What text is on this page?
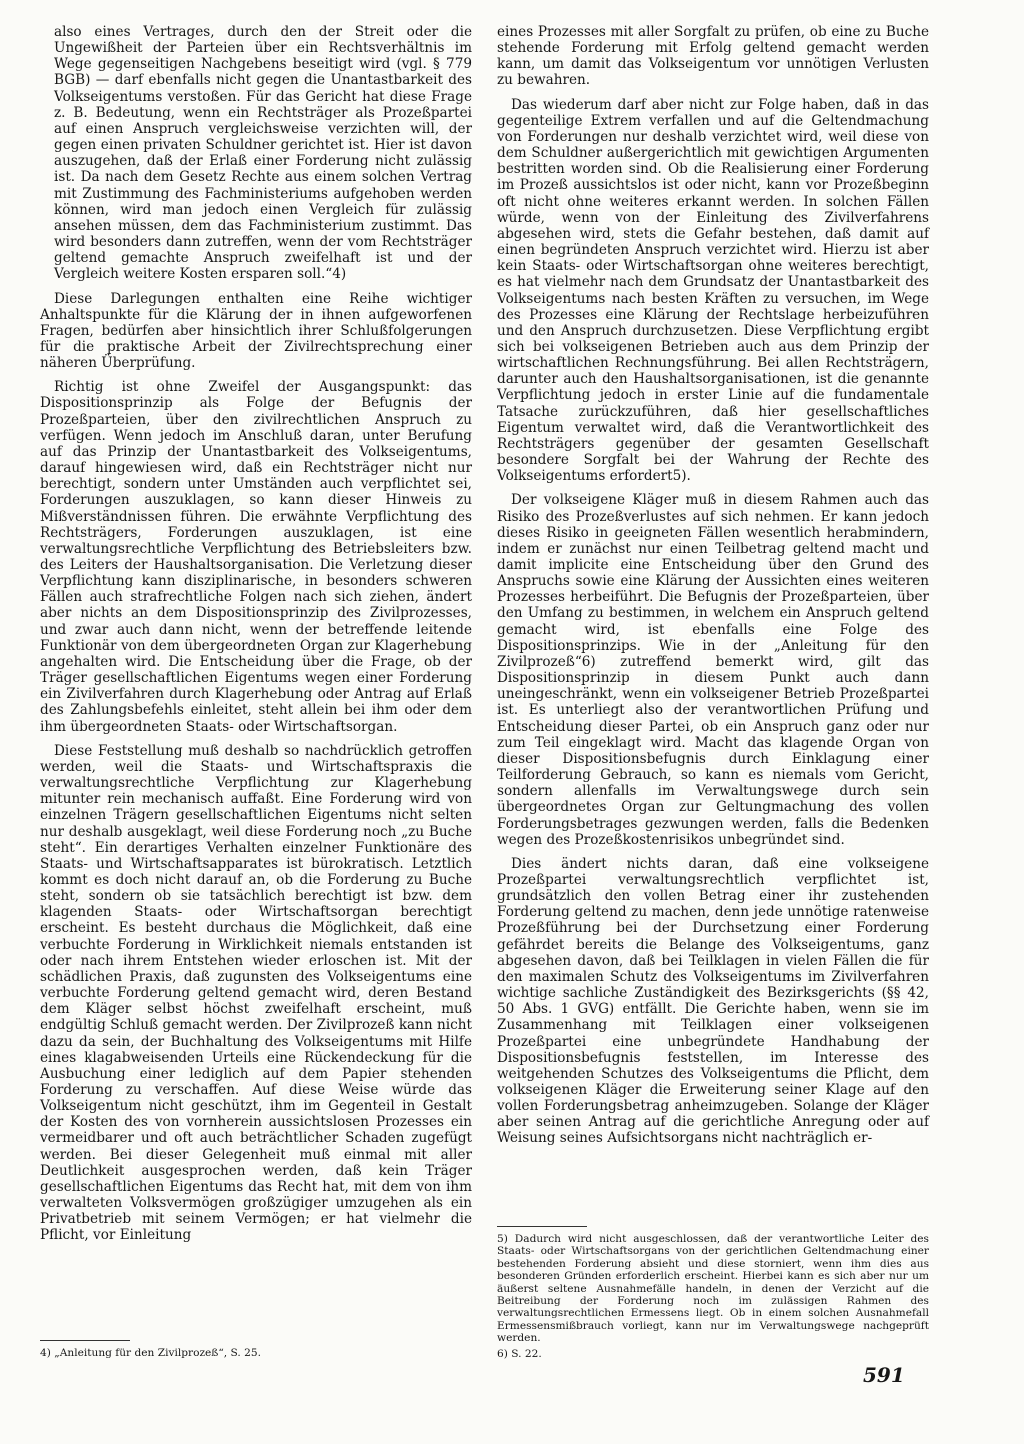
also eines Vertrages, durch den der Streit oder die Ungewißheit der Parteien über ein Rechtsverhältnis im Wege gegenseitigen Nachgebens beseitigt wird (vgl. § 779 BGB) — darf ebenfalls nicht gegen die Unantastbarkeit des Volkseigentums verstoßen. Für das Gericht hat diese Frage z. B. Bedeutung, wenn ein Rechtsträger als Prozeßpartei auf einen Anspruch vergleichsweise verzichten will, der gegen einen privaten Schuldner gerichtet ist. Hier ist davon auszugehen, daß der Erlaß einer Forderung nicht zulässig ist. Da nach dem Gesetz Rechte aus einem solchen Vertrag mit Zustimmung des Fachministeriums aufgehoben werden können, wird man jedoch einen Vergleich für zulässig ansehen müssen, dem das Fachministerium zustimmt. Das wird besonders dann zutreffen, wenn der vom Rechtsträger geltend gemachte Anspruch zweifelhaft ist und der Vergleich weitere Kosten ersparen soll.“4)

Diese Darlegungen enthalten eine Reihe wichtiger Anhaltspunkte für die Klärung der in ihnen aufgeworfenen Fragen, bedürfen aber hinsichtlich ihrer Schlußfolgerungen für die praktische Arbeit der Zivilrechtsprechung einer näheren Überprüfung.

Richtig ist ohne Zweifel der Ausgangspunkt: das Dispositionsprinzip als Folge der Befugnis der Prozeßparteien, über den zivilrechtlichen Anspruch zu verfügen. Wenn jedoch im Anschluß daran, unter Berufung auf das Prinzip der Unantastbarkeit des Volkseigentums, darauf hingewiesen wird, daß ein Rechtsträger nicht nur berechtigt, sondern unter Umständen auch verpflichtet sei, Forderungen auszuklagen, so kann dieser Hinweis zu Mißverständnissen führen. Die erwähnte Verpflichtung des Rechtsträgers, Forderungen auszuklagen, ist eine verwaltungsrechtliche Verpflichtung des Betriebsleiters bzw. des Leiters der Haushaltsorganisation. Die Verletzung dieser Verpflichtung kann disziplinarische, in besonders schweren Fällen auch strafrechtliche Folgen nach sich ziehen, ändert aber nichts an dem Dispositionsprinzip des Zivilprozesses, und zwar auch dann nicht, wenn der betreffende leitende Funktionär von dem übergeordneten Organ zur Klagerhebung angehalten wird. Die Entscheidung über die Frage, ob der Träger gesellschaftlichen Eigentums wegen einer Forderung ein Zivilverfahren durch Klagerhebung oder Antrag auf Erlaß des Zahlungsbefehls einleitet, steht allein bei ihm oder dem ihm übergeordneten Staats- oder Wirtschaftsorgan.

Diese Feststellung muß deshalb so nachdrücklich getroffen werden, weil die Staats- und Wirtschaftspraxis die verwaltungsrechtliche Verpflichtung zur Klagerhebung mitunter rein mechanisch auffaßt. Eine Forderung wird von einzelnen Trägern gesellschaftlichen Eigentums nicht selten nur deshalb ausgeklagt, weil diese Forderung noch „zu Buche steht“. Ein derartiges Verhalten einzelner Funktionäre des Staats- und Wirtschaftsapparates ist bürokratisch. Letztlich kommt es doch nicht darauf an, ob die Forderung zu Buche steht, sondern ob sie tatsächlich berechtigt ist bzw. dem klagenden Staats- oder Wirtschaftsorgan berechtigt erscheint. Es besteht durchaus die Möglichkeit, daß eine verbuchte Forderung in Wirklichkeit niemals entstanden ist oder nach ihrem Entstehen wieder erloschen ist. Mit der schädlichen Praxis, daß zugunsten des Volkseigentums eine verbuchte Forderung geltend gemacht wird, deren Bestand dem Kläger selbst höchst zweifelhaft erscheint, muß endgültig Schluß gemacht werden. Der Zivilprozeß kann nicht dazu da sein, der Buchhaltung des Volkseigentums mit Hilfe eines klagabweisenden Urteils eine Rückendeckung für die Ausbuchung einer lediglich auf dem Papier stehenden Forderung zu verschaffen. Auf diese Weise würde das Volkseigentum nicht geschützt, ihm im Gegenteil in Gestalt der Kosten des von vornherein aussichtslosen Prozesses ein vermeidbarer und oft auch beträchtlicher Schaden zugefügt werden. Bei dieser Gelegenheit muß einmal mit aller Deutlichkeit ausgesprochen werden, daß kein Träger gesellschaftlichen Eigentums das Recht hat, mit dem von ihm verwalteten Volksvermögen großzügiger umzugehen als ein Privatbetrieb mit seinem Vermögen; er hat vielmehr die Pflicht, vor Einleitung

eines Prozesses mit aller Sorgfalt zu prüfen, ob eine zu Buche stehende Forderung mit Erfolg geltend gemacht werden kann, um damit das Volkseigentum vor unnötigen Verlusten zu bewahren.

Das wiederum darf aber nicht zur Folge haben, daß in das gegenteilige Extrem verfallen und auf die Geltendmachung von Forderungen nur deshalb verzichtet wird, weil diese von dem Schuldner außergerichtlich mit gewichtigen Argumenten bestritten worden sind. Ob die Realisierung einer Forderung im Prozeß aussichtslos ist oder nicht, kann vor Prozeßbeginn oft nicht ohne weiteres erkannt werden. In solchen Fällen würde, wenn von der Einleitung des Zivilverfahrens abgesehen wird, stets die Gefahr bestehen, daß damit auf einen begründeten Anspruch verzichtet wird. Hierzu ist aber kein Staats- oder Wirtschaftsorgan ohne weiteres berechtigt, es hat vielmehr nach dem Grundsatz der Unantastbarkeit des Volkseigentums nach besten Kräften zu versuchen, im Wege des Prozesses eine Klärung der Rechtslage herbeizuführen und den Anspruch durchzusetzen. Diese Verpflichtung ergibt sich bei volkseigenen Betrieben auch aus dem Prinzip der wirtschaftlichen Rechnungsführung. Bei allen Rechtsträgern, darunter auch den Haushaltsorganisationen, ist die genannte Verpflichtung jedoch in erster Linie auf die fundamentale Tatsache zurückzuführen, daß hier gesellschaftliches Eigentum verwaltet wird, daß die Verantwortlichkeit des Rechtsträgers gegenüber der gesamten Gesellschaft besondere Sorgfalt bei der Wahrung der Rechte des Volkseigentums erfordert5).

Der volkseigene Kläger muß in diesem Rahmen auch das Risiko des Prozeßverlustes auf sich nehmen. Er kann jedoch dieses Risiko in geeigneten Fällen wesentlich herabmindern, indem er zunächst nur einen Teilbetrag geltend macht und damit implicite eine Entscheidung über den Grund des Anspruchs sowie eine Klärung der Aussichten eines weiteren Prozesses herbeiführt. Die Befugnis der Prozeßparteien, über den Umfang zu bestimmen, in welchem ein Anspruch geltend gemacht wird, ist ebenfalls eine Folge des Dispositionsprinzips. Wie in der „Anleitung für den Zivilprozeß“6) zutreffend bemerkt wird, gilt das Dispositionsprinzip in diesem Punkt auch dann uneingeschränkt, wenn ein volkseigener Betrieb Prozeßpartei ist. Es unterliegt also der verantwortlichen Prüfung und Entscheidung dieser Partei, ob ein Anspruch ganz oder nur zum Teil eingeklagt wird. Macht das klagende Organ von dieser Dispositionsbefugnis durch Einklagung einer Teilforderung Gebrauch, so kann es niemals vom Gericht, sondern allenfalls im Verwaltungswege durch sein übergeordnetes Organ zur Geltungmachung des vollen Forderungsbetrages gezwungen werden, falls die Bedenken wegen des Prozeßkostenrisikos unbegründet sind.

Dies ändert nichts daran, daß eine volkseigene Prozeßpartei verwaltungsrechtlich verpflichtet ist, grundsätzlich den vollen Betrag einer ihr zustehenden Forderung geltend zu machen, denn jede unnötige ratenweise Prozeßführung bei der Durchsetzung einer Forderung gefährdet bereits die Belange des Volkseigentums, ganz abgesehen davon, daß bei Teilklagen in vielen Fällen die für den maximalen Schutz des Volkseigentums im Zivilverfahren wichtige sachliche Zuständigkeit des Bezirksgerichts (§§ 42, 50 Abs. 1 GVG) entfällt. Die Gerichte haben, wenn sie im Zusammenhang mit Teilklagen einer volkseigenen Prozeßpartei eine unbegründete Handhabung der Dispositionsbefugnis feststellen, im Interesse des weitgehenden Schutzes des Volkseigentums die Pflicht, dem volkseigenen Kläger die Erweiterung seiner Klage auf den vollen Forderungsbetrag anheimzugeben. Solange der Kläger aber seinen Antrag auf die gerichtliche Anregung oder auf Weisung seines Aufsichtsorgans nicht nachträglich er-

4) „Anleitung für den Zivilprozeß“, S. 25.

5) Dadurch wird nicht ausgeschlossen, daß der verantwortliche Leiter des Staats- oder Wirtschaftsorgans von der gerichtlichen Geltendmachung einer bestehenden Forderung absieht und diese storniert, wenn ihm dies aus besonderen Gründen erforderlich erscheint. Hierbei kann es sich aber nur um äußerst seltene Ausnahmefälle handeln, in denen der Verzicht auf die Beitreibung der Forderung noch im zulässigen Rahmen des verwaltungsrechtlichen Ermessens liegt. Ob in einem solchen Ausnahmefall Ermessensmißbrauch vorliegt, kann nur im Verwaltungswege nachgeprüft werden.

6) S. 22.

591
